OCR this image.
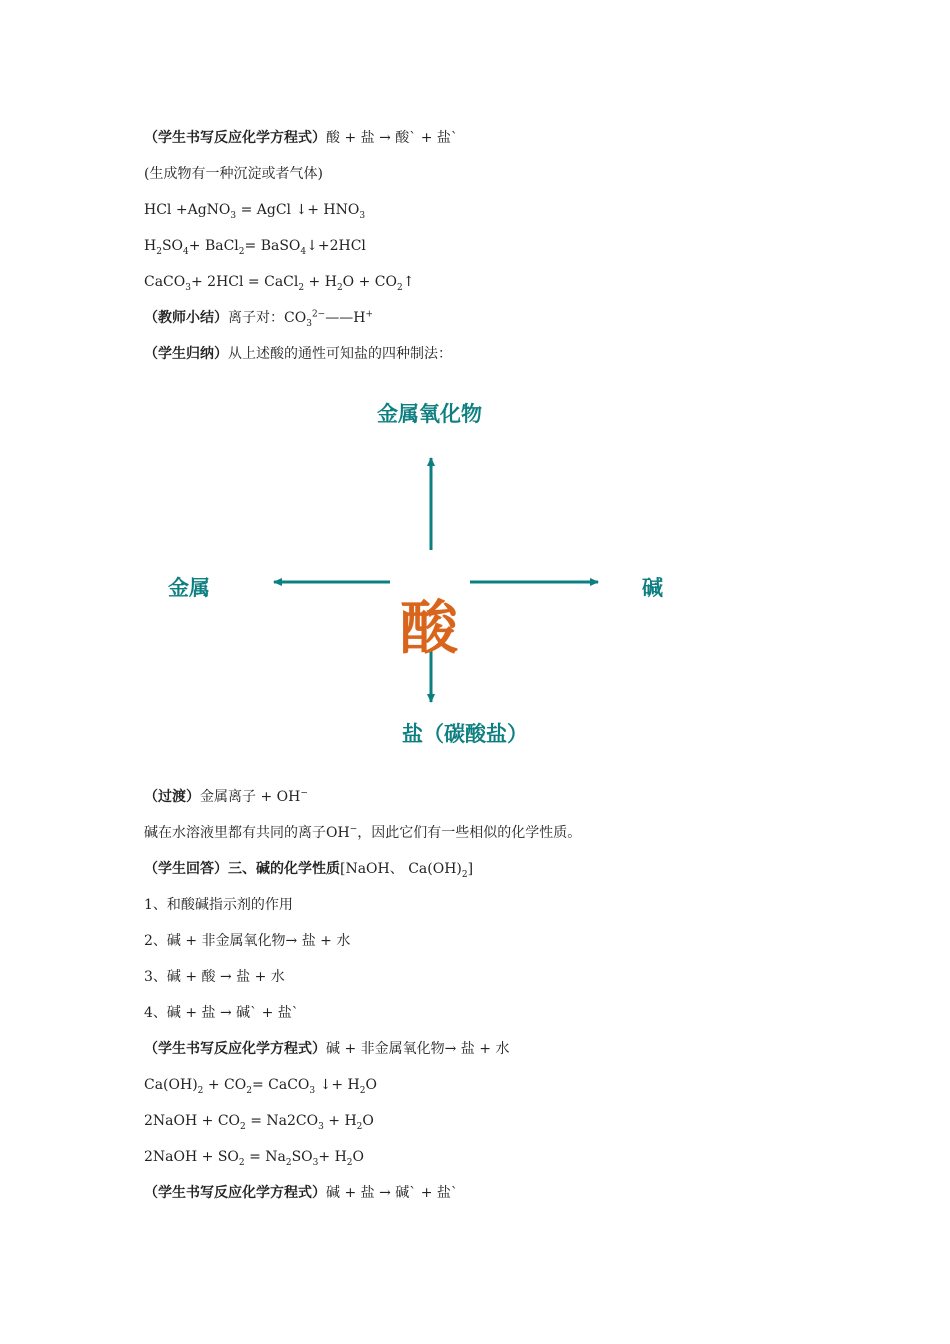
（学生书写反应化学方程式）酸 + 盐 → 酸` + 盐`
(生成物有一种沉淀或者气体)
HCl +AgNO$_3$ = AgCl ↓+ $HNO_3$
$H_2SO_4+$ BaCl$_2$= BaSO$_4$↓+2HCl
CaCO$_3$+ 2HCl = CaCl$_2$ + $H_2O$ + $CO_2↑$
（教师小结）离子对：$CO_3^{2-}——H^+$
（学生归纳）从上述酸的通性可知盐的四种制法：
金属氧化物
金属	碱
盐（碳酸盐）
酸
（过渡）金属离子 + OH−
碱在水溶液里都有共同的离子OH−，因此它们有一些相似的化学性质。
（学生回答）三、碱的化学性质[NaOH、 $Ca(OH)_2$]
1、和酸碱指示剂的作用
2、碱 + 非金属氧化物→ 盐 + 水
3、碱 + 酸 → 盐 + 水
4、碱 + 盐 → 碱` + 盐`
（学生书写反应化学方程式）碱 + 非金属氧化物→ 盐 + 水
$Ca(OH)_2 + CO_2=$ CaCO$_3$ ↓+ $H_2O$
2NaOH + $CO_2 = Na2CO_3 + H_2O$
2NaOH + $SO_2 = Na_2SO_3+ H_2O$
（学生书写反应化学方程式）碱 + 盐 → 碱` + 盐`
